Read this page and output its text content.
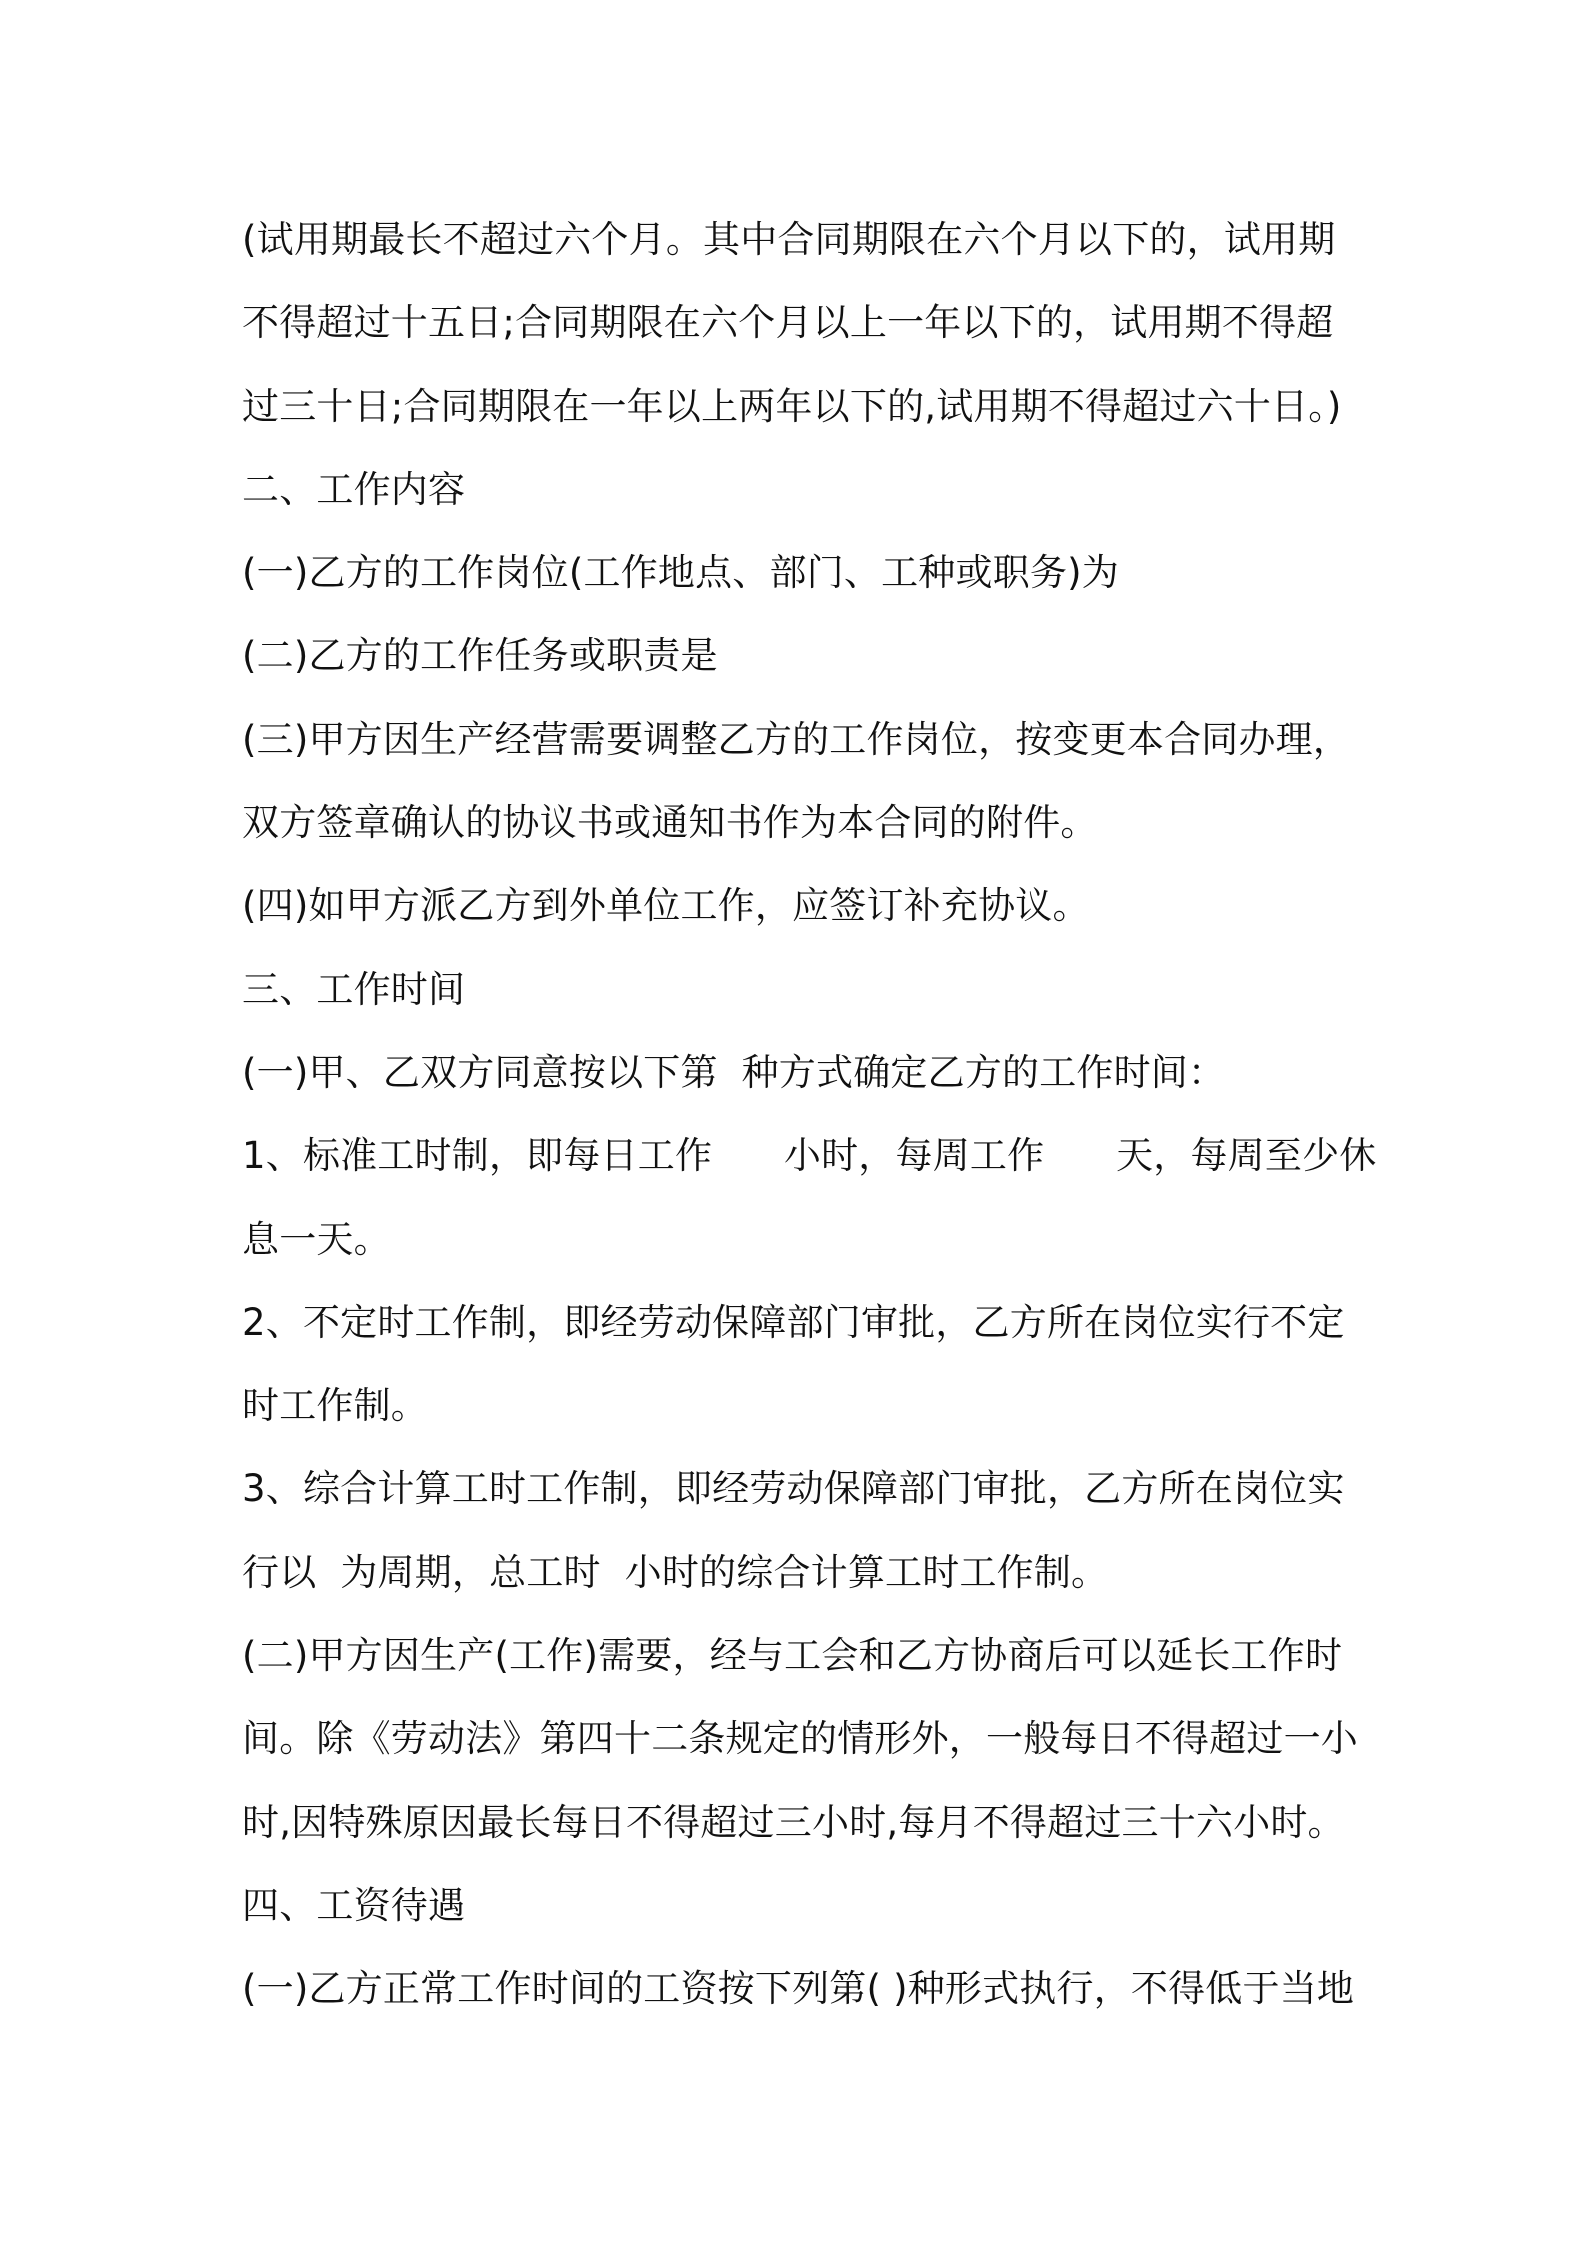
(试用期最长不超过六个月。其中合同期限在六个月以下的，试用期
不得超过十五日;合同期限在六个月以上一年以下的，试用期不得超
过三十日;合同期限在一年以上两年以下的,试用期不得超过六十日。)
二、工作内容
(一)乙方的工作岗位(工作地点、部门、工种或职务)为
(二)乙方的工作任务或职责是
(三)甲方因生产经营需要调整乙方的工作岗位，按变更本合同办理，
双方签章确认的协议书或通知书作为本合同的附件。
(四)如甲方派乙方到外单位工作，应签订补充协议。
三、工作时间
(一)甲、乙双方同意按以下第  种方式确定乙方的工作时间：
1、标准工时制，即每日工作      小时，每周工作      天，每周至少休
息一天。
2、不定时工作制，即经劳动保障部门审批，乙方所在岗位实行不定
时工作制。
3、综合计算工时工作制，即经劳动保障部门审批，乙方所在岗位实
行以  为周期，总工时  小时的综合计算工时工作制。
(二)甲方因生产(工作)需要，经与工会和乙方协商后可以延长工作时
间。除《劳动法》第四十二条规定的情形外，一般每日不得超过一小
时,因特殊原因最长每日不得超过三小时,每月不得超过三十六小时。
四、工资待遇
(一)乙方正常工作时间的工资按下列第( )种形式执行，不得低于当地
